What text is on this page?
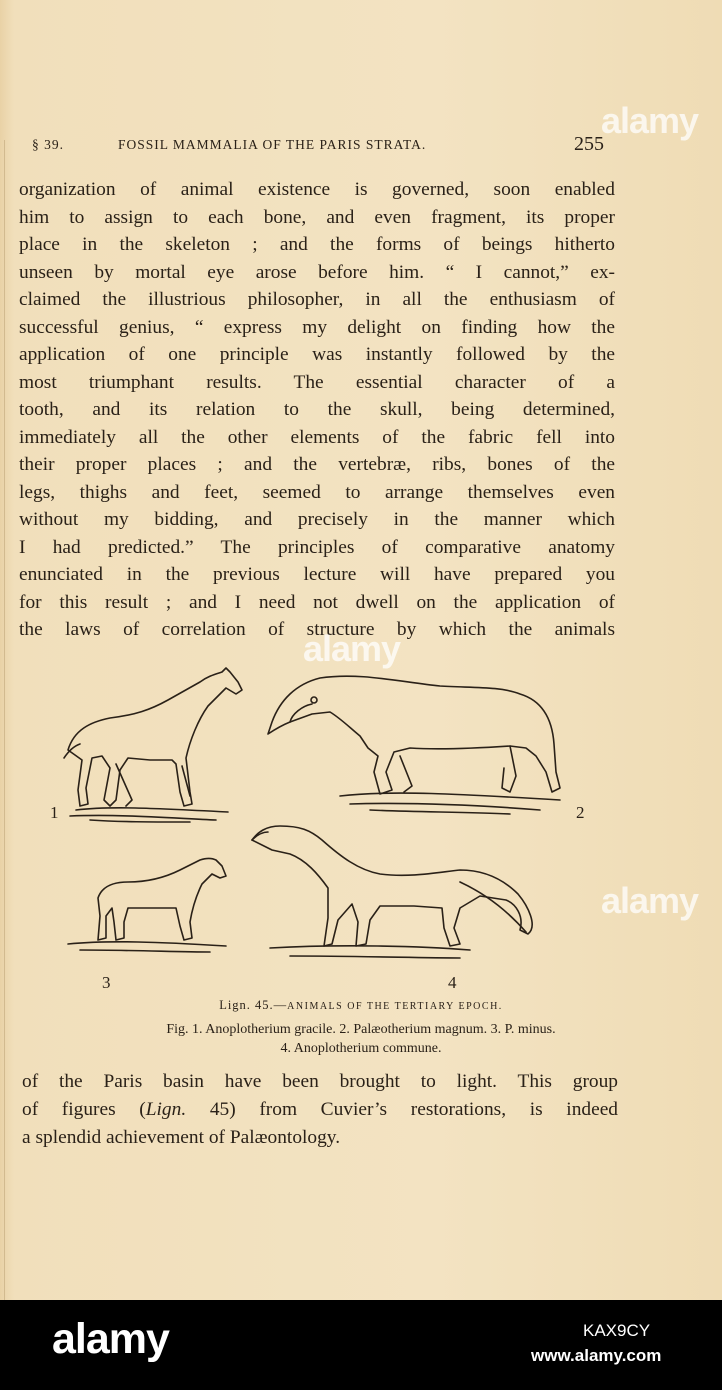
§ 39.	FOSSIL MAMMALIA OF THE PARIS STRATA.	255
organization of animal existence is governed, soon enabled
him to assign to each bone, and even fragment, its proper
place in the skeleton ; and the forms of beings hitherto
unseen by mortal eye arose before him. “ I cannot,” ex-
claimed the illustrious philosopher, in all the enthusiasm of
successful genius, “ express my delight on finding how the
application of one principle was instantly followed by the
most triumphant results. The essential character of a
tooth, and its relation to the skull, being determined,
immediately all the other elements of the fabric fell into
their proper places ; and the vertebræ, ribs, bones of the
legs, thighs and feet, seemed to arrange themselves even
without my bidding, and precisely in the manner which
I had predicted.” The principles of comparative anatomy
enunciated in the previous lecture will have prepared you
for this result ; and I need not dwell on the application of
the laws of correlation of structure by which the animals
1	2
3	4
Lign. 45.—ANIMALS OF THE TERTIARY EPOCH.
Fig. 1. Anoplotherium gracile. 2. Palæotherium magnum. 3. P. minus.
4. Anoplotherium commune.
of the Paris basin have been brought to light. This group
of figures (Lign. 45) from Cuvier’s restorations, is indeed
a splendid achievement of Palæontology.
alamy
alamy
alamy
alamy	KAX9CY
www.alamy.com
